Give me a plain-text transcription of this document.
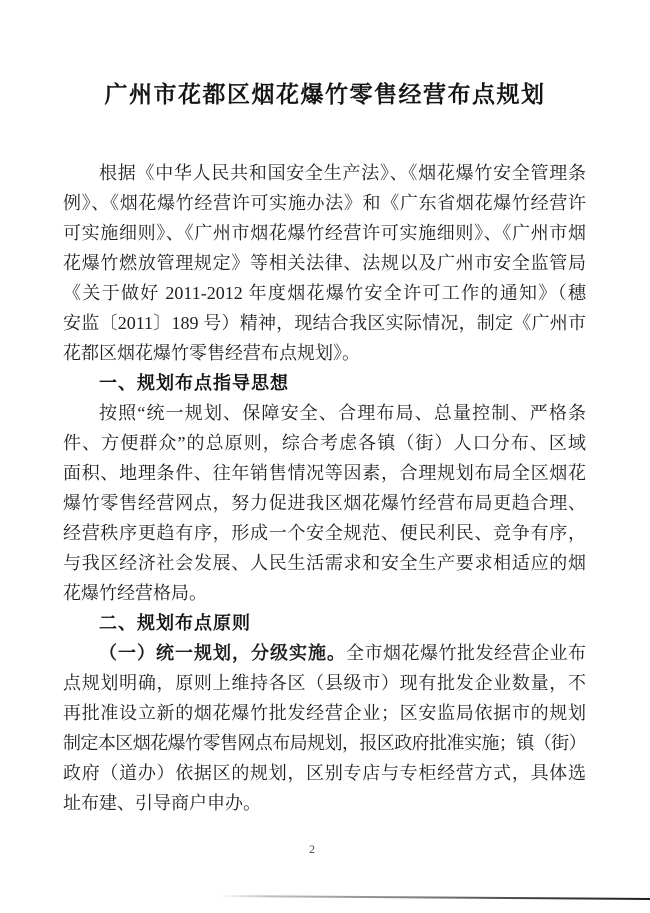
广州市花都区烟花爆竹零售经营布点规划
根据《中华人民共和国安全生产法》、《烟花爆竹安全管理条
例》、《烟花爆竹经营许可实施办法》和《广东省烟花爆竹经营许
可实施细则》、《广州市烟花爆竹经营许可实施细则》、《广州市烟
花爆竹燃放管理规定》等相关法律、法规以及广州市安全监管局
《关于做好 2011-2012 年度烟花爆竹安全许可工作的通知》（穗
安监〔2011〕189 号）精神，现结合我区实际情况，制定《广州市
花都区烟花爆竹零售经营布点规划》。
一、规划布点指导思想
按照“统一规划、保障安全、合理布局、总量控制、严格条
件、方便群众”的总原则，综合考虑各镇（街）人口分布、区域
面积、地理条件、往年销售情况等因素，合理规划布局全区烟花
爆竹零售经营网点，努力促进我区烟花爆竹经营布局更趋合理、
经营秩序更趋有序，形成一个安全规范、便民利民、竞争有序，
与我区经济社会发展、人民生活需求和安全生产要求相适应的烟
花爆竹经营格局。
二、规划布点原则
（一）统一规划，分级实施。全市烟花爆竹批发经营企业布
点规划明确，原则上维持各区（县级市）现有批发企业数量，不
再批准设立新的烟花爆竹批发经营企业；区安监局依据市的规划
制定本区烟花爆竹零售网点布局规划，报区政府批准实施；镇（街）
政府（道办）依据区的规划，区别专店与专柜经营方式，具体选
址布建、引导商户申办。
2
